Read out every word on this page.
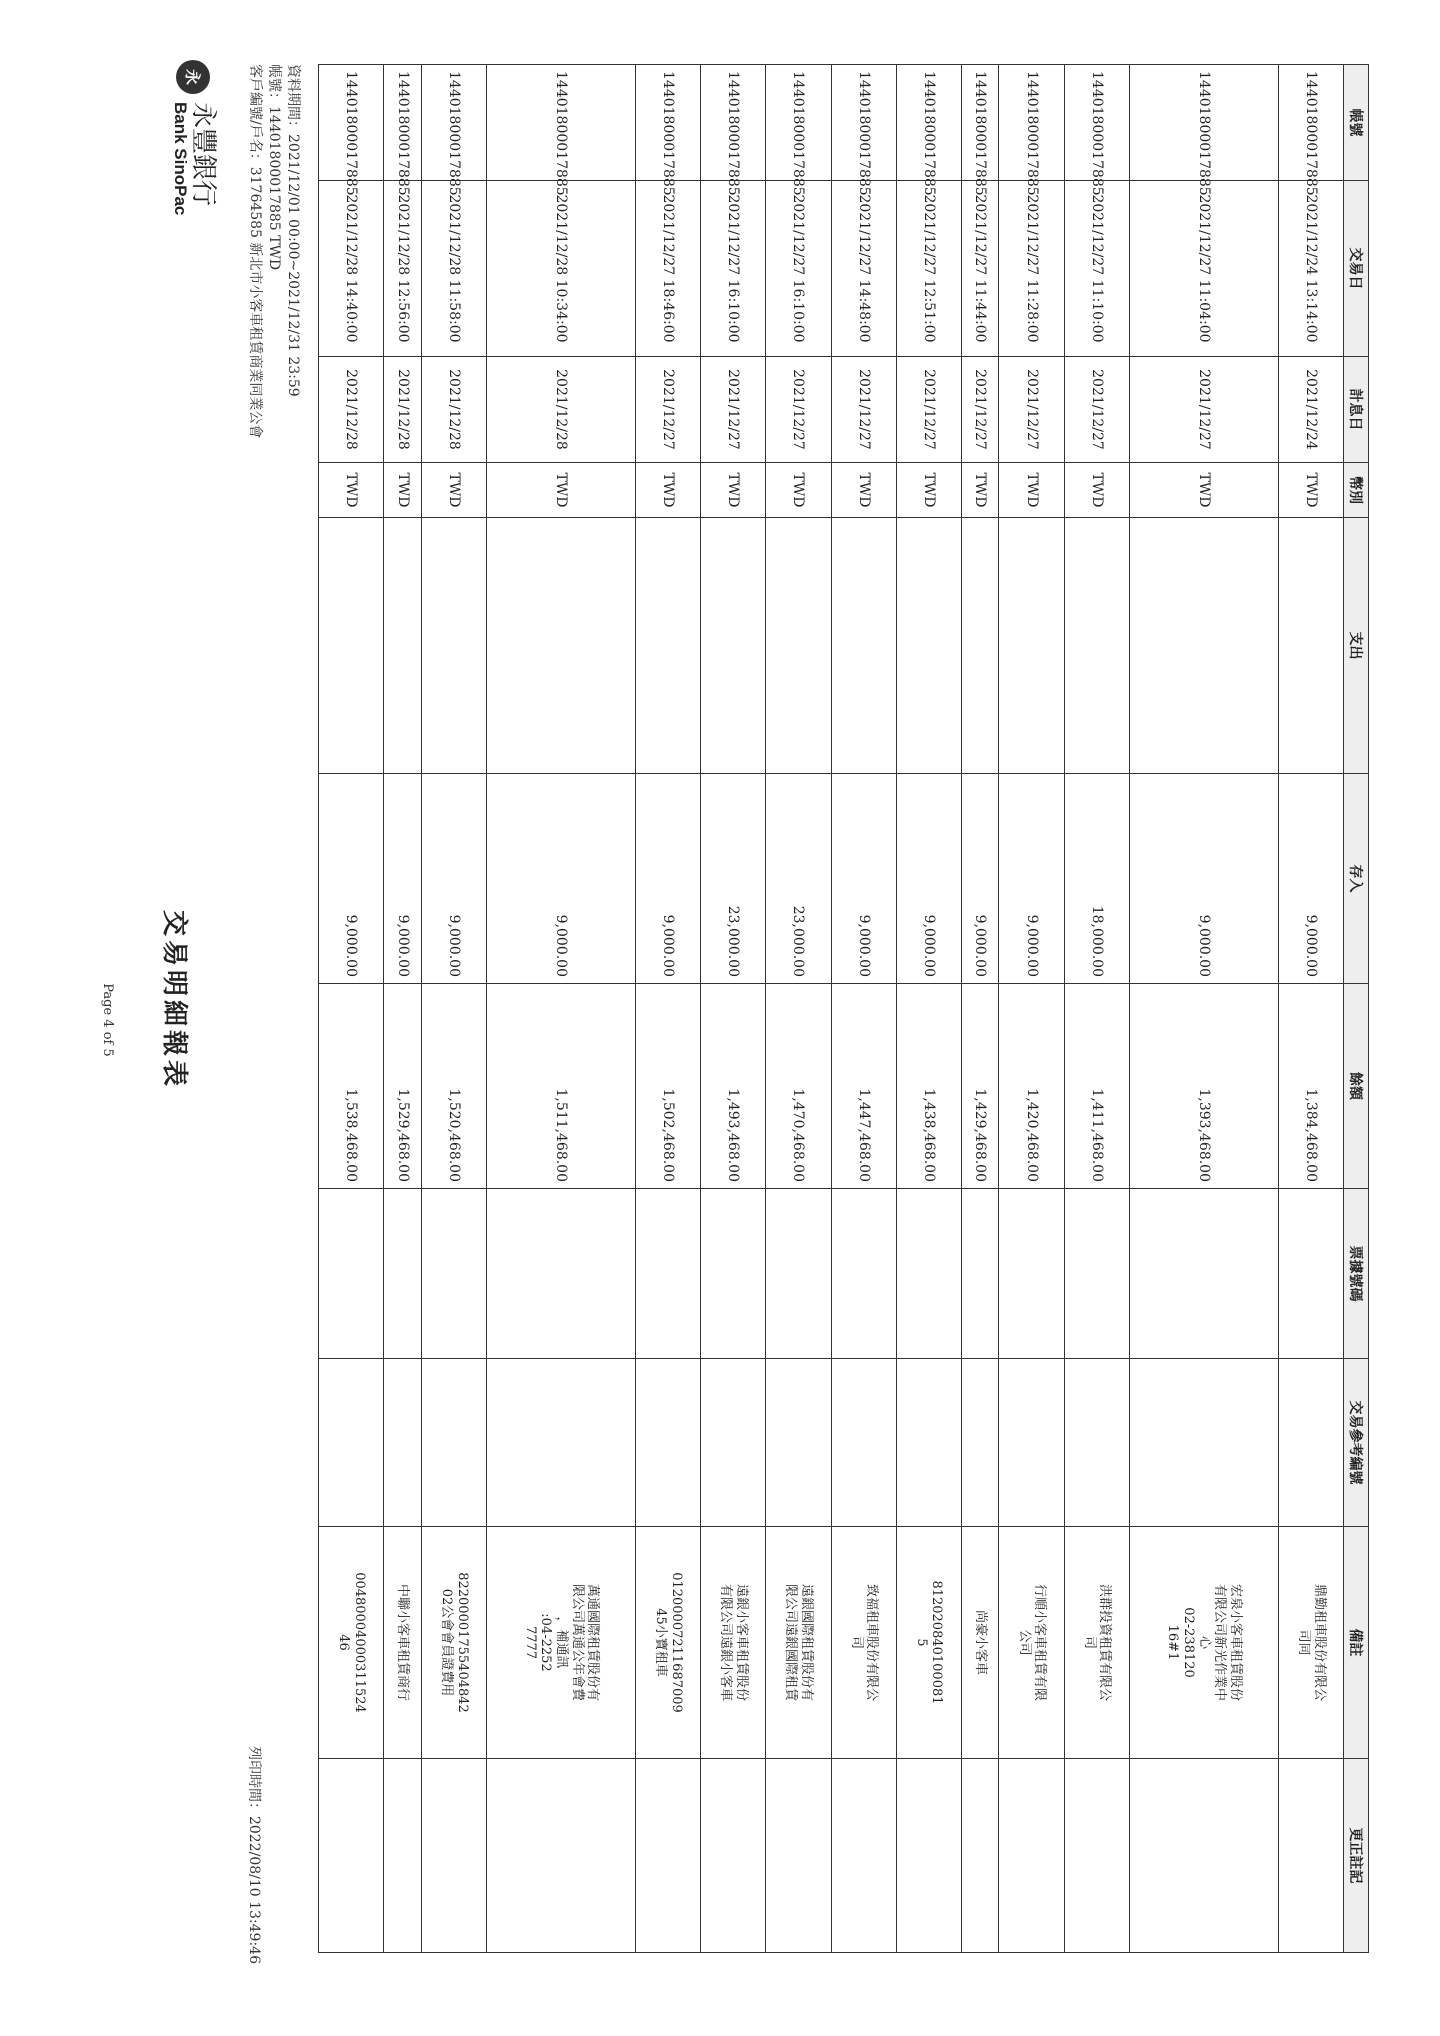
永
永豐銀行
Bank SinoPac
交易明細報表
列印時間：2022/08/10 13:49:46
客戶編號/戶名：31764585 新北市小客車租賃商業同業公會 帳號：14401800017885 TWD 資料期間：2021/12/01 00:00~2021/12/31 23:59	帳號	交易日	計息日	幣別	支出	存入	餘額	票據號碼	交易參考編號	備註	更正註記
14401800017885	2021/12/24 13:14:00	2021/12/24	TWD		9,000.00	1,384,468.00			鼎勤租車股份有限公
司同	

14401800017885	2021/12/27 11:04:00	2021/12/27	TWD		9,000.00	1,393,468.00			宏泉小客車租賃股份
有限公司新光作業中
心
02-238120
16#1	

14401800017885	2021/12/27 11:10:00	2021/12/27	TWD		18,000.00	1,411,468.00			洪群投資租賃有限公
司	

14401800017885	2021/12/27 11:28:00	2021/12/27	TWD		9,000.00	1,420,468.00			行順小客車租賃有限
公司	

14401800017885	2021/12/27 11:44:00	2021/12/27	TWD		9,000.00	1,429,468.00			尚豪小客車	

14401800017885	2021/12/27 12:51:00	2021/12/27	TWD		9,000.00	1,438,468.00			812020840100081
5	

14401800017885	2021/12/27 14:48:00	2021/12/27	TWD		9,000.00	1,447,468.00			致福租車股份有限公
司	

14401800017885	2021/12/27 16:10:00	2021/12/27	TWD		23,000.00	1,470,468.00			遠銀國際租賃股份有
限公司遠銀國際租賃	

14401800017885	2021/12/27 16:10:00	2021/12/27	TWD		23,000.00	1,493,468.00			遠銀小客車租賃股份
有限公司遠銀小客車	

14401800017885	2021/12/27 18:46:00	2021/12/27	TWD		9,000.00	1,502,468.00			01200007211687009
45小寶租車	

14401800017885	2021/12/28 10:34:00	2021/12/28	TWD		9,000.00	1,511,468.00			萬通國際租賃股份有
限公司萬通公年會費
，補通訊
:04-2252
7777	

14401800017885	2021/12/28 11:58:00	2021/12/28	TWD		9,000.00	1,520,468.00			82200001755404842
02公會會員證費用	

14401800017885	2021/12/28 12:56:00	2021/12/28	TWD		9,000.00	1,529,468.00			中聯小客車租賃商行	

14401800017885	2021/12/28 14:40:00	2021/12/28	TWD		9,000.00	1,538,468.00			00480004000311524
46	

Page 4 of 5
